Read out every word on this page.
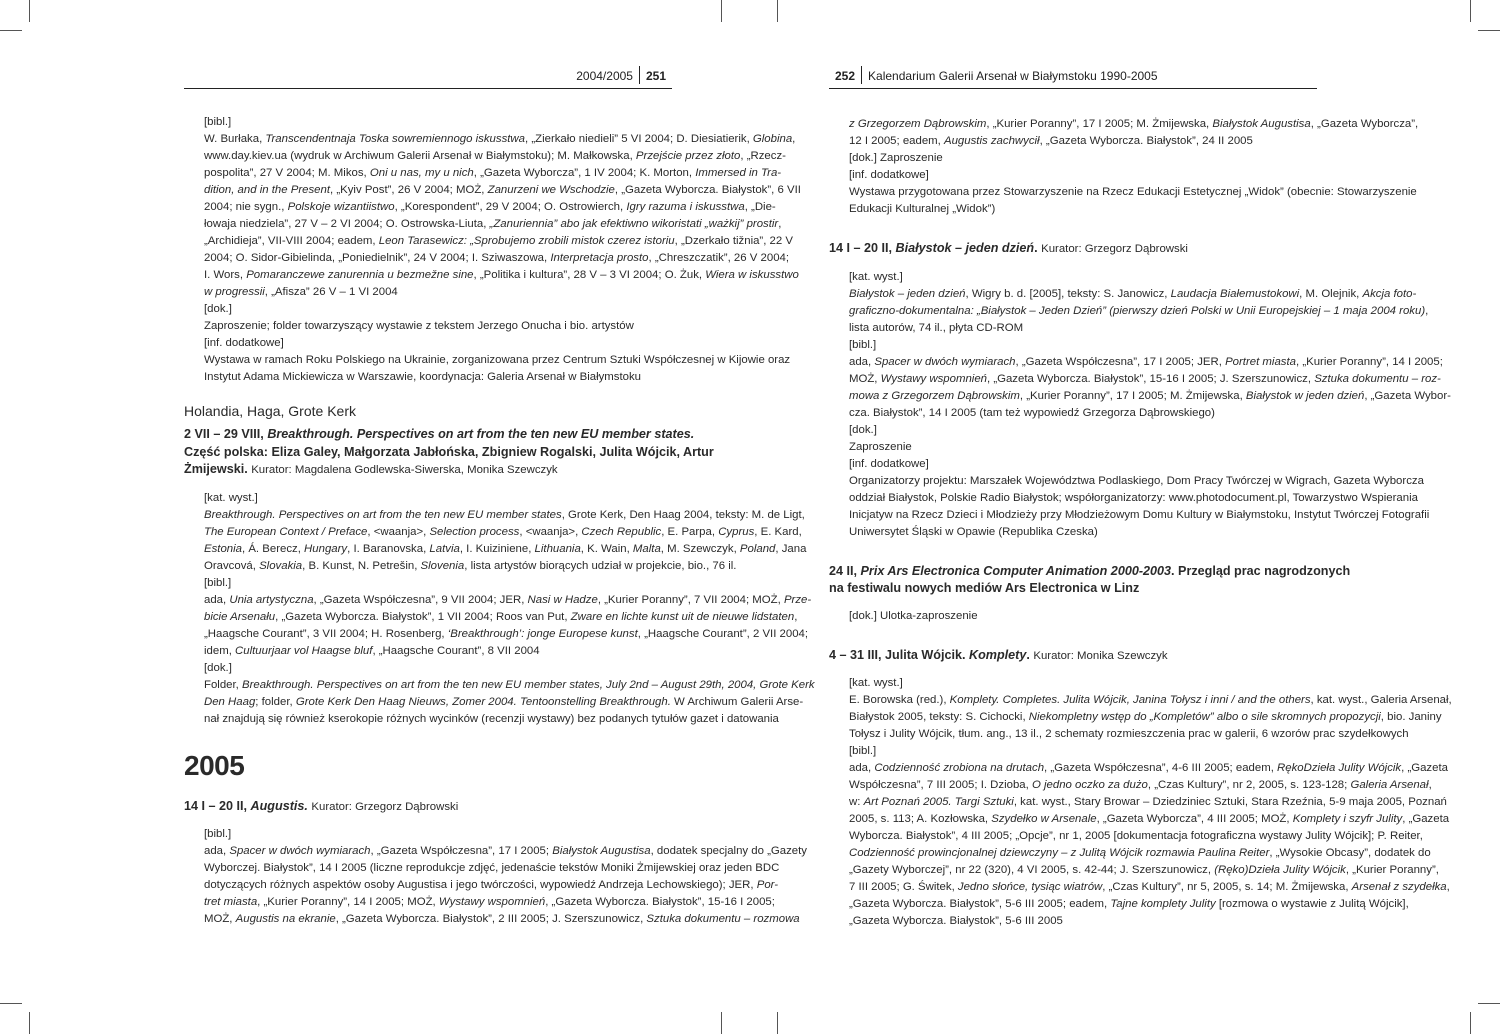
2004/2005 251
[bibl.]
W. Burłaka, Transcendentnaja Toska sowremiennogo iskusstwa, „Zierkało niedieli” 5 VI 2004; D. Diesiatierik, Globina,
www.day.kiev.ua (wydruk w Archiwum Galerii Arsenał w Białymstoku); M. Małkowska, Przejście przez złoto, „Rzecz-
pospolita”, 27 V 2004; M. Mikos, Oni u nas, my u nich, „Gazeta Wyborcza”, 1 IV 2004; K. Morton, Immersed in Tra-
dition, and in the Present, „Kyiv Post”, 26 V 2004; MOŻ, Zanurzeni we Wschodzie, „Gazeta Wyborcza. Białystok”, 6 VII
2004; nie sygn., Polskoje wizantiistwo, „Korespondent”, 29 V 2004; O. Ostrowierch, Igry razuma i iskusstwa, „Die-
łowaja niedziela”, 27 V – 2 VI 2004; O. Ostrowska-Liuta, „Zanuriennia” abo jak efektiwno wikoristati „ważkij” prostir,
„Archidieja”, VII-VIII 2004; eadem, Leon Tarasewicz: „Sprobujemo zrobili mistok czerez istoriu, „Dzerkało tižnia”, 22 V
2004; O. Sidor-Gibielinda, „Poniedielnik”, 24 V 2004; I. Sziwaszowa, Interpretacja prosto, „Chreszczatik”, 26 V 2004;
I. Wors, Pomaranczewe zanurennia u bezmežne sine, „Politika i kultura”, 28 V – 3 VI 2004; O. Żuk, Wiera w iskusstwo
w progressii, „Afisza” 26 V – 1 VI 2004
[dok.]
Zaproszenie; folder towarzyszący wystawie z tekstem Jerzego Onucha i bio. artystów
[inf. dodatkowe]
Wystawa w ramach Roku Polskiego na Ukrainie, zorganizowana przez Centrum Sztuki Współczesnej w Kijowie oraz
Instytut Adama Mickiewicza w Warszawie, koordynacja: Galeria Arsenał w Białymstoku
Holandia, Haga, Grote Kerk
2 VII – 29 VIII, Breakthrough. Perspectives on art from the ten new EU member states.
Część polska: Eliza Galey, Małgorzata Jabłońska, Zbigniew Rogalski, Julita Wójcik, Artur
Żmijewski. Kurator: Magdalena Godlewska-Siwerska, Monika Szewczyk
[kat. wyst.]
Breakthrough. Perspectives on art from the ten new EU member states, Grote Kerk, Den Haag 2004, teksty: M. de Ligt,
The European Context / Preface, <waanja>, Selection process, <waanja>, Czech Republic, E. Parpa, Cyprus, E. Kard,
Estonia, Á. Berecz, Hungary, I. Baranovska, Latvia, I. Kuiziniene, Lithuania, K. Wain, Malta, M. Szewczyk, Poland, Jana
Oravcová, Slovakia, B. Kunst, N. Petrešin, Slovenia, lista artystów biorących udział w projekcie, bio., 76 il.
[bibl.]
ada, Unia artystyczna, „Gazeta Współczesna”, 9 VII 2004; JER, Nasi w Hadze, „Kurier Poranny”, 7 VII 2004; MOŻ, Prze-
bicie Arsenału, „Gazeta Wyborcza. Białystok”, 1 VII 2004; Roos van Put, Zware en lichte kunst uit de nieuwe lidstaten,
„Haagsche Courant”, 3 VII 2004; H. Rosenberg, ‘Breakthrough’: jonge Europese kunst, „Haagsche Courant”, 2 VII 2004;
idem, Cultuurjaar vol Haagse bluf, „Haagsche Courant”, 8 VII 2004
[dok.]
Folder, Breakthrough. Perspectives on art from the ten new EU member states, July 2nd – August 29th, 2004, Grote Kerk
Den Haag; folder, Grote Kerk Den Haag Nieuws, Zomer 2004. Tentoonstelling Breakthrough. W Archiwum Galerii Arse-
nał znajdują się również kserokopie różnych wycinków (recenzji wystawy) bez podanych tytułów gazet i datowania
2005
14 I – 20 II, Augustis. Kurator: Grzegorz Dąbrowski
[bibl.]
ada, Spacer w dwóch wymiarach, „Gazeta Współczesna”, 17 I 2005; Białystok Augustisa, dodatek specjalny do „Gazety
Wyborczej. Białystok”, 14 I 2005 (liczne reprodukcje zdjęć, jedenaście tekstów Moniki Żmijewskiej oraz jeden BDC
dotyczących różnych aspektów osoby Augustisa i jego twórczości, wypowiedź Andrzeja Lechowskiego); JER, Por-
tret miasta, „Kurier Poranny”, 14 I 2005; MOŻ, Wystawy wspomnień, „Gazeta Wyborcza. Białystok”, 15-16 I 2005;
MOŻ, Augustis na ekranie, „Gazeta Wyborcza. Białystok”, 2 III 2005; J. Szerszunowicz, Sztuka dokumentu – rozmowa
252 Kalendarium Galerii Arsenał w Białymstoku 1990-2005
z Grzegorzem Dąbrowskim, „Kurier Poranny”, 17 I 2005; M. Żmijewska, Białystok Augustisa, „Gazeta Wyborcza”,
12 I 2005; eadem, Augustis zachwycił, „Gazeta Wyborcza. Białystok”, 24 II 2005
[dok.] Zaproszenie
[inf. dodatkowe]
Wystawa przygotowana przez Stowarzyszenie na Rzecz Edukacji Estetycznej „Widok” (obecnie: Stowarzyszenie
Edukacji Kulturalnej „Widok”)
14 I – 20 II, Białystok – jeden dzień. Kurator: Grzegorz Dąbrowski
[kat. wyst.]
Białystok – jeden dzień, Wigry b. d. [2005], teksty: S. Janowicz, Laudacja Białemustokowi, M. Olejnik, Akcja foto-
graficzno-dokumentalna: „Białystok – Jeden Dzień” (pierwszy dzień Polski w Unii Europejskiej – 1 maja 2004 roku),
lista autorów, 74 il., płyta CD-ROM
[bibl.]
ada, Spacer w dwóch wymiarach, „Gazeta Współczesna”, 17 I 2005; JER, Portret miasta, „Kurier Poranny”, 14 I 2005;
MOŻ, Wystawy wspomnień, „Gazeta Wyborcza. Białystok”, 15-16 I 2005; J. Szerszunowicz, Sztuka dokumentu – roz-
mowa z Grzegorzem Dąbrowskim, „Kurier Poranny”, 17 I 2005; M. Żmijewska, Białystok w jeden dzień, „Gazeta Wybor-
cza. Białystok”, 14 I 2005 (tam też wypowiedź Grzegorza Dąbrowskiego)
[dok.]
Zaproszenie
[inf. dodatkowe]
Organizatorzy projektu: Marszałek Województwa Podlaskiego, Dom Pracy Twórczej w Wigrach, Gazeta Wyborcza
oddział Białystok, Polskie Radio Białystok; współorganizatorzy: www.photodocument.pl, Towarzystwo Wspierania
Inicjatyw na Rzecz Dzieci i Młodzieży przy Młodzieżowym Domu Kultury w Białymstoku, Instytut Twórczej Fotografii
Uniwersytet Śląski w Opawie (Republika Czeska)
24 II, Prix Ars Electronica Computer Animation 2000-2003. Przegląd prac nagrodzonych
na festiwalu nowych mediów Ars Electronica w Linz
[dok.] Ulotka-zaproszenie
4 – 31 III, Julita Wójcik. Komplety. Kurator: Monika Szewczyk
[kat. wyst.]
E. Borowska (red.), Komplety. Completes. Julita Wójcik, Janina Tołysz i inni / and the others, kat. wyst., Galeria Arsenał,
Białystok 2005, teksty: S. Cichocki, Niekompletny wstęp do „Kompletów” albo o sile skromnych propozycji, bio. Janiny
Tołysz i Julity Wójcik, tłum. ang., 13 il., 2 schematy rozmieszczenia prac w galerii, 6 wzorów prac szydełkowych
[bibl.]
ada, Codzienność zrobiona na drutach, „Gazeta Współczesna”, 4-6 III 2005; eadem, RękoDzieła Julity Wójcik, „Gazeta
Współczesna”, 7 III 2005; I. Dzioba, O jedno oczko za dużo, „Czas Kultury”, nr 2, 2005, s. 123-128; Galeria Arsenał,
w: Art Poznań 2005. Targi Sztuki, kat. wyst., Stary Browar – Dziedziniec Sztuki, Stara Rzeźnia, 5-9 maja 2005, Poznań
2005, s. 113; A. Kozłowska, Szydełko w Arsenale, „Gazeta Wyborcza”, 4 III 2005; MOŻ, Komplety i szyfr Julity, „Gazeta
Wyborcza. Białystok”, 4 III 2005; „Opcje”, nr 1, 2005 [dokumentacja fotograficzna wystawy Julity Wójcik]; P. Reiter,
Codzienność prowincjonalnej dziewczyny – z Julitą Wójcik rozmawia Paulina Reiter, „Wysokie Obcasy”, dodatek do
„Gazety Wyborczej”, nr 22 (320), 4 VI 2005, s. 42-44; J. Szerszunowicz, (Ręko)Dzieła Julity Wójcik, „Kurier Poranny”,
7 III 2005; G. Świtek, Jedno słońce, tysiąc wiatrów, „Czas Kultury”, nr 5, 2005, s. 14; M. Żmijewska, Arsenał z szydełka,
„Gazeta Wyborcza. Białystok”, 5-6 III 2005; eadem, Tajne komplety Julity [rozmowa o wystawie z Julitą Wójcik],
„Gazeta Wyborcza. Białystok”, 5-6 III 2005
